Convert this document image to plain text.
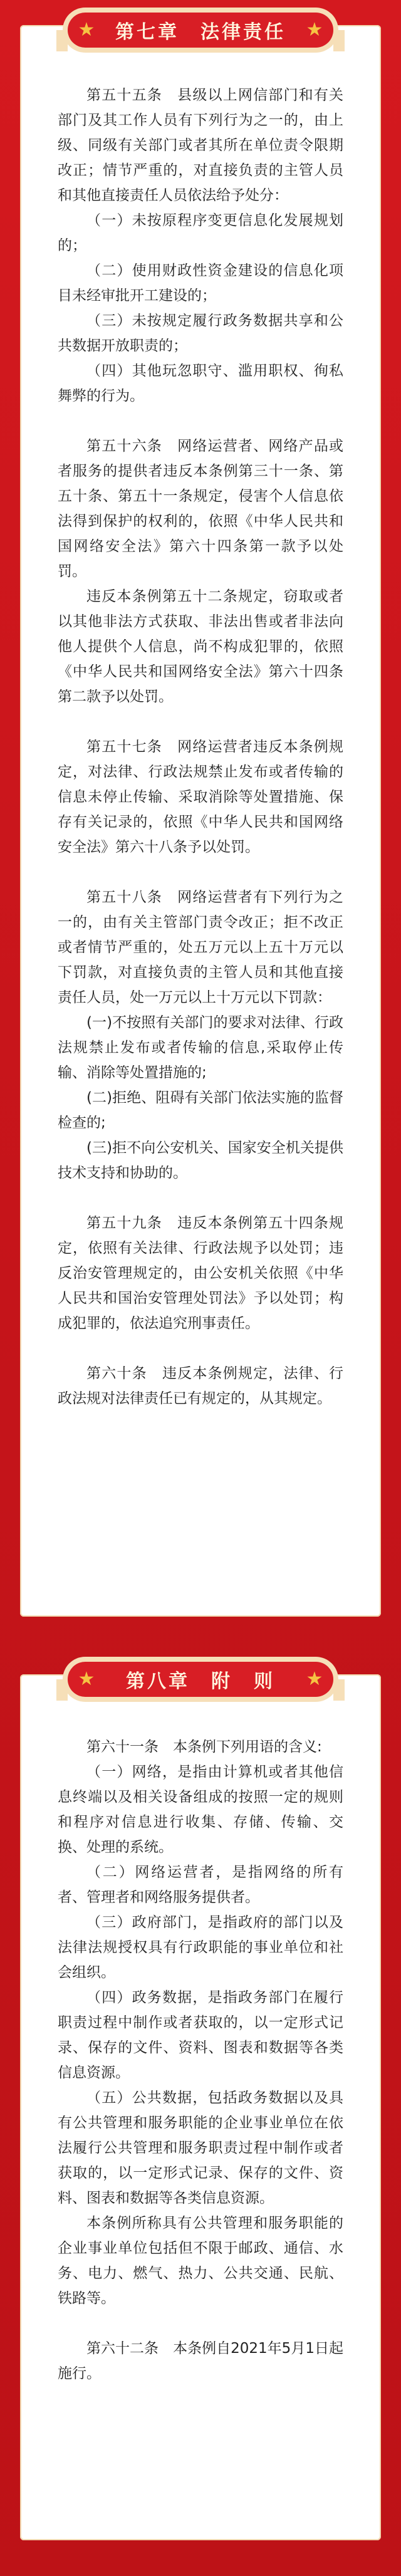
第七章　法律责任
★	★

第五十五条　县级以上网信部门和有关部门及其工作人员有下列行为之一的，由上级、同级有关部门或者其所在单位责令限期改正；情节严重的，对直接负责的主管人员和其他直接责任人员依法给予处分：

（一）未按原程序变更信息化发展规划的；

（二）使用财政性资金建设的信息化项目未经审批开工建设的；

（三）未按规定履行政务数据共享和公共数据开放职责的；

（四）其他玩忽职守、滥用职权、徇私舞弊的行为。

第五十六条　网络运营者、网络产品或者服务的提供者违反本条例第三十一条、第五十条、第五十一条规定，侵害个人信息依法得到保护的权利的，依照《中华人民共和国网络安全法》第六十四条第一款予以处罚。

违反本条例第五十二条规定，窃取或者以其他非法方式获取、非法出售或者非法向他人提供个人信息，尚不构成犯罪的，依照《中华人民共和国网络安全法》第六十四条第二款予以处罚。

第五十七条　网络运营者违反本条例规定，对法律、行政法规禁止发布或者传输的信息未停止传输、采取消除等处置措施、保存有关记录的，依照《中华人民共和国网络安全法》第六十八条予以处罚。

第五十八条　网络运营者有下列行为之一的，由有关主管部门责令改正；拒不改正或者情节严重的，处五万元以上五十万元以下罚款，对直接负责的主管人员和其他直接责任人员，处一万元以上十万元以下罚款：

(一)不按照有关部门的要求对法律、行政法规禁止发布或者传输的信息,采取停止传输、消除等处置措施的;

(二)拒绝、阻碍有关部门依法实施的监督检查的;

(三)拒不向公安机关、国家安全机关提供技术支持和协助的。

第五十九条　违反本条例第五十四条规定，依照有关法律、行政法规予以处罚；违反治安管理规定的，由公安机关依照《中华人民共和国治安管理处罚法》予以处罚；构成犯罪的，依法追究刑事责任。

第六十条　违反本条例规定，法律、行政法规对法律责任已有规定的，从其规定。

第八章　附　则
★	★

第六十一条　本条例下列用语的含义:

（一）网络，是指由计算机或者其他信息终端以及相关设备组成的按照一定的规则和程序对信息进行收集、存储、传输、交换、处理的系统。

（二）网络运营者，是指网络的所有者、管理者和网络服务提供者。

（三）政府部门，是指政府的部门以及法律法规授权具有行政职能的事业单位和社会组织。

（四）政务数据，是指政务部门在履行职责过程中制作或者获取的，以一定形式记录、保存的文件、资料、图表和数据等各类信息资源。

（五）公共数据，包括政务数据以及具有公共管理和服务职能的企业事业单位在依法履行公共管理和服务职责过程中制作或者获取的，以一定形式记录、保存的文件、资料、图表和数据等各类信息资源。

本条例所称具有公共管理和服务职能的企业事业单位包括但不限于邮政、通信、水务、电力、燃气、热力、公共交通、民航、铁路等。

第六十二条　本条例自2021年5月1日起施行。
